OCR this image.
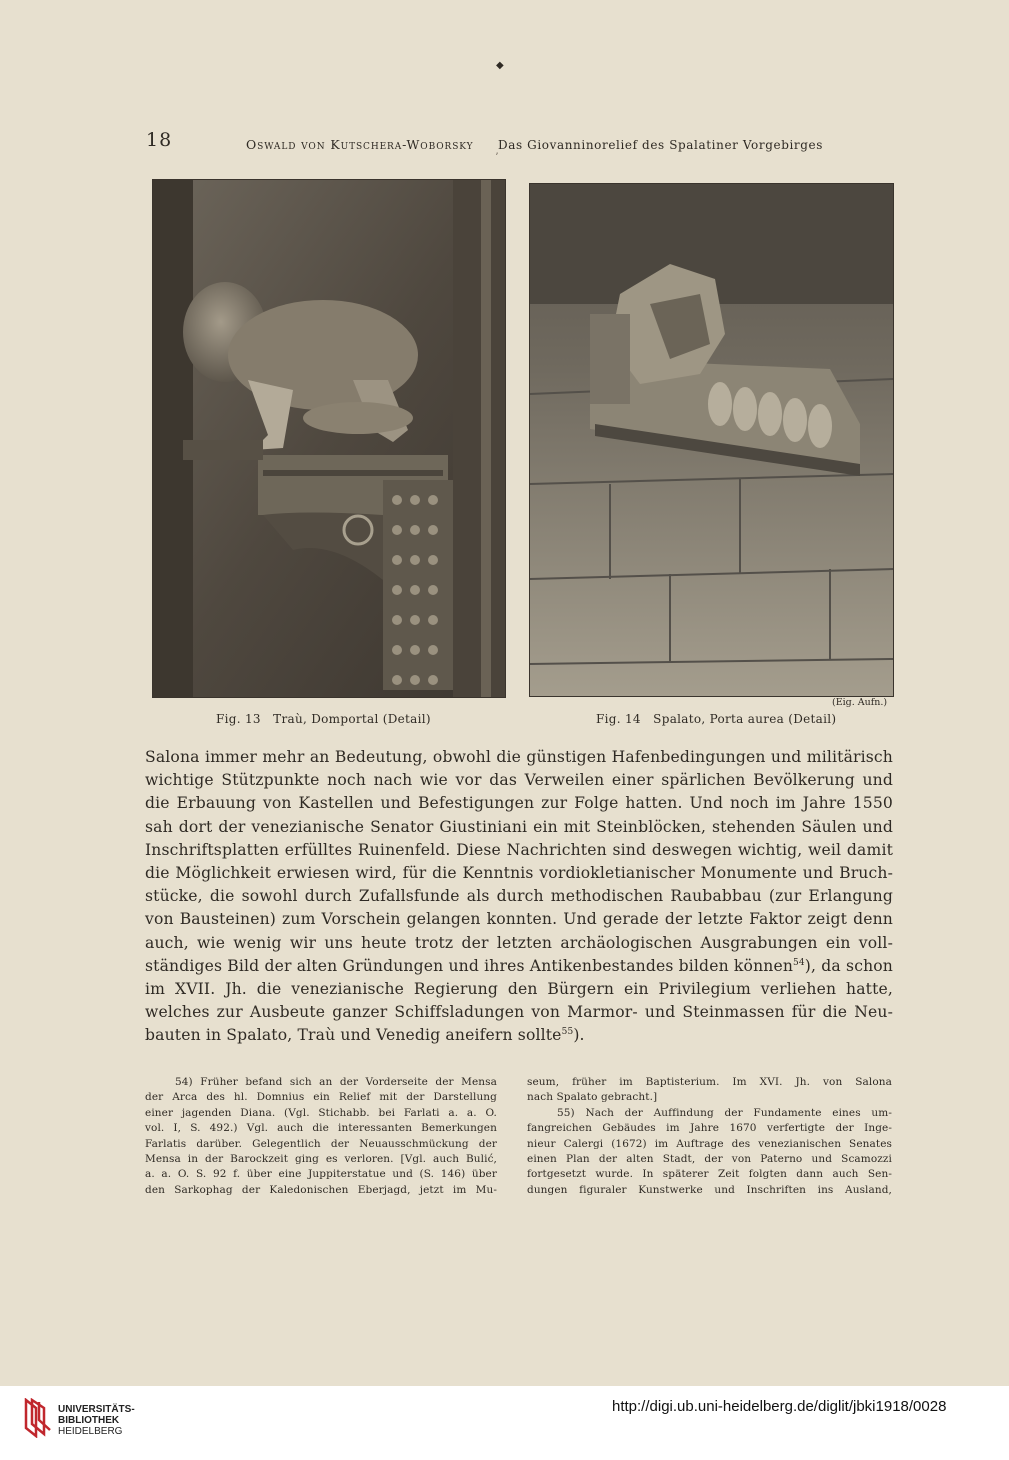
◆
18	Oswald von Kutschera-Woborsky Das Giovanninorelief des Spalatiner Vorgebirges
ʼ
(Eig. Aufn.)
Fig. 13   Traù, Domportal (Detail)	Fig. 14   Spalato, Porta aurea (Detail)
Salona immer mehr an Bedeutung, obwohl die günstigen Hafenbedingungen und militärisch
wichtige Stützpunkte noch nach wie vor das Verweilen einer spärlichen Bevölkerung und
die Erbauung von Kastellen und Befestigungen zur Folge hatten. Und noch im Jahre 1550
sah dort der venezianische Senator Giustiniani ein mit Steinblöcken, stehenden Säulen und
Inschriftsplatten erfülltes Ruinenfeld. Diese Nachrichten sind deswegen wichtig, weil damit
die Möglichkeit erwiesen wird, für die Kenntnis vordiokletianischer Monumente und Bruch-
stücke, die sowohl durch Zufallsfunde als durch methodischen Raubabbau (zur Erlangung
von Bausteinen) zum Vorschein gelangen konnten. Und gerade der letzte Faktor zeigt denn
auch, wie wenig wir uns heute trotz der letzten archäologischen Ausgrabungen ein voll-
ständiges Bild der alten Gründungen und ihres Antikenbestandes bilden können$^{54}$), da schon
im XVII. Jh. die venezianische Regierung den Bürgern ein Privilegium verliehen hatte,
welches zur Ausbeute ganzer Schiffsladungen von Marmor- und Steinmassen für die Neu-
bauten in Spalato, Traù und Venedig aneifern sollte$^{55}$).
54) Früher befand sich an der Vorderseite der Mensa
der Arca des hl. Domnius ein Relief mit der Darstellung
einer jagenden Diana. (Vgl. Stichabb. bei Farlati a. a. O.
vol. I, S. 492.) Vgl. auch die interessanten Bemerkungen
Farlatis darüber. Gelegentlich der Neuausschmückung der
Mensa in der Barockzeit ging es verloren. [Vgl. auch Bulić,
a. a. O. S. 92 f. über eine Juppiterstatue und (S. 146) über
den Sarkophag der Kaledonischen Eberjagd, jetzt im Mu-
seum, früher im Baptisterium. Im XVI. Jh. von Salona
nach Spalato gebracht.]
55) Nach der Auffindung der Fundamente eines um-
fangreichen Gebäudes im Jahre 1670 verfertigte der Inge-
nieur Calergi (1672) im Auftrage des venezianischen Senates
einen Plan der alten Stadt, der von Paterno und Scamozzi
fortgesetzt wurde. In späterer Zeit folgten dann auch Sen-
dungen figuraler Kunstwerke und Inschriften ins Ausland,
UNIVERSITÄTS-
BIBLIOTHEK
HEIDELBERG
http://digi.ub.uni-heidelberg.de/diglit/jbki1918/0028
